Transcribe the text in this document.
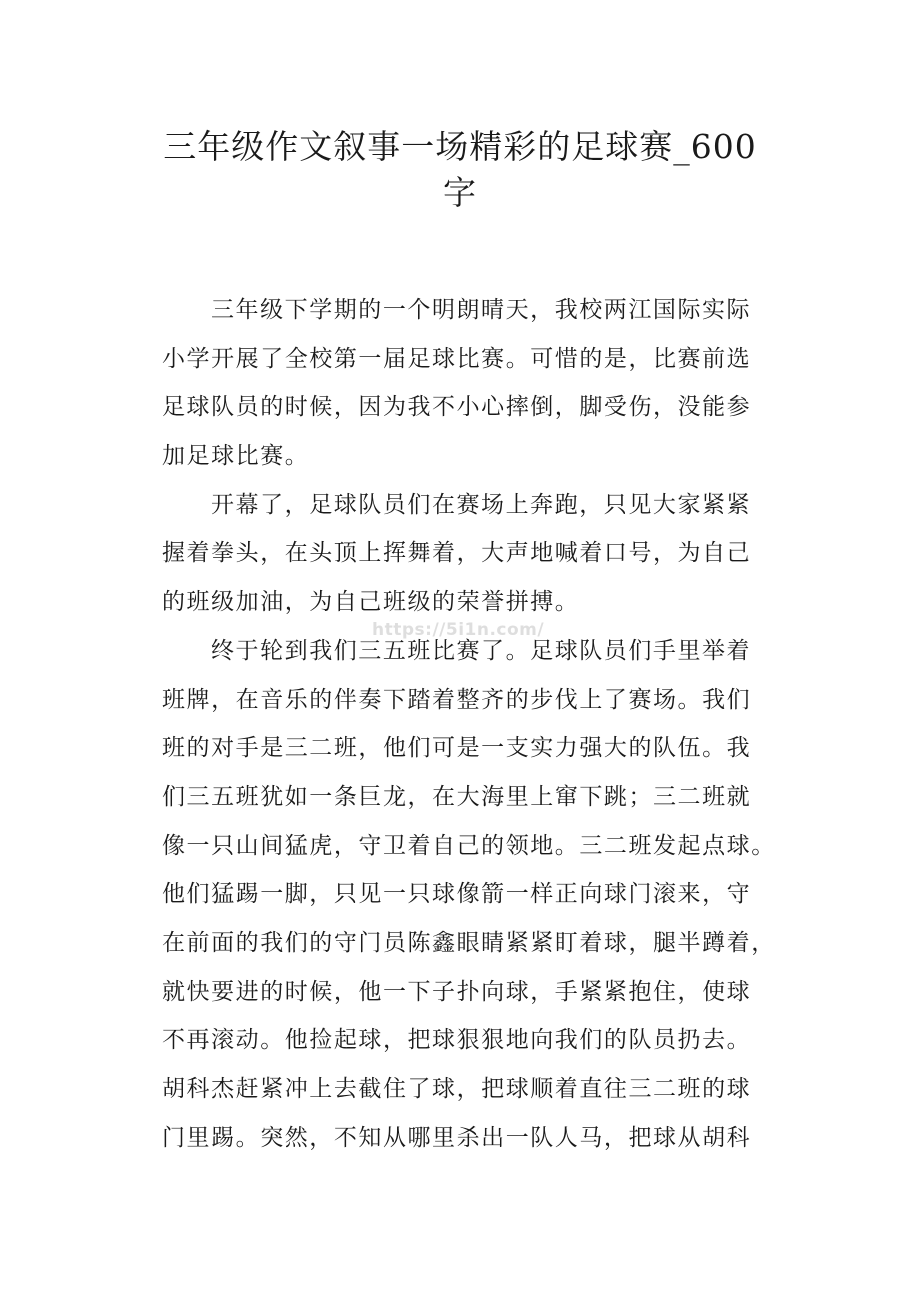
三年级作文叙事一场精彩的足球赛_600
字
三年级下学期的一个明朗晴天，我校两江国际实际
小学开展了全校第一届足球比赛。可惜的是，比赛前选
足球队员的时候，因为我不小心摔倒，脚受伤，没能参
加足球比赛。
开幕了，足球队员们在赛场上奔跑，只见大家紧紧
握着拳头，在头顶上挥舞着，大声地喊着口号，为自己
的班级加油，为自己班级的荣誉拼搏。
终于轮到我们三五班比赛了。足球队员们手里举着
班牌，在音乐的伴奏下踏着整齐的步伐上了赛场。我们
班的对手是三二班，他们可是一支实力强大的队伍。我
们三五班犹如一条巨龙，在大海里上窜下跳；三二班就
像一只山间猛虎，守卫着自己的领地。三二班发起点球。
他们猛踢一脚，只见一只球像箭一样正向球门滚来，守
在前面的我们的守门员陈鑫眼睛紧紧盯着球，腿半蹲着，
就快要进的时候，他一下子扑向球，手紧紧抱住，使球
不再滚动。他捡起球，把球狠狠地向我们的队员扔去。
胡科杰赶紧冲上去截住了球，把球顺着直往三二班的球
门里踢。突然，不知从哪里杀出一队人马，把球从胡科
https://5i1n.com/
